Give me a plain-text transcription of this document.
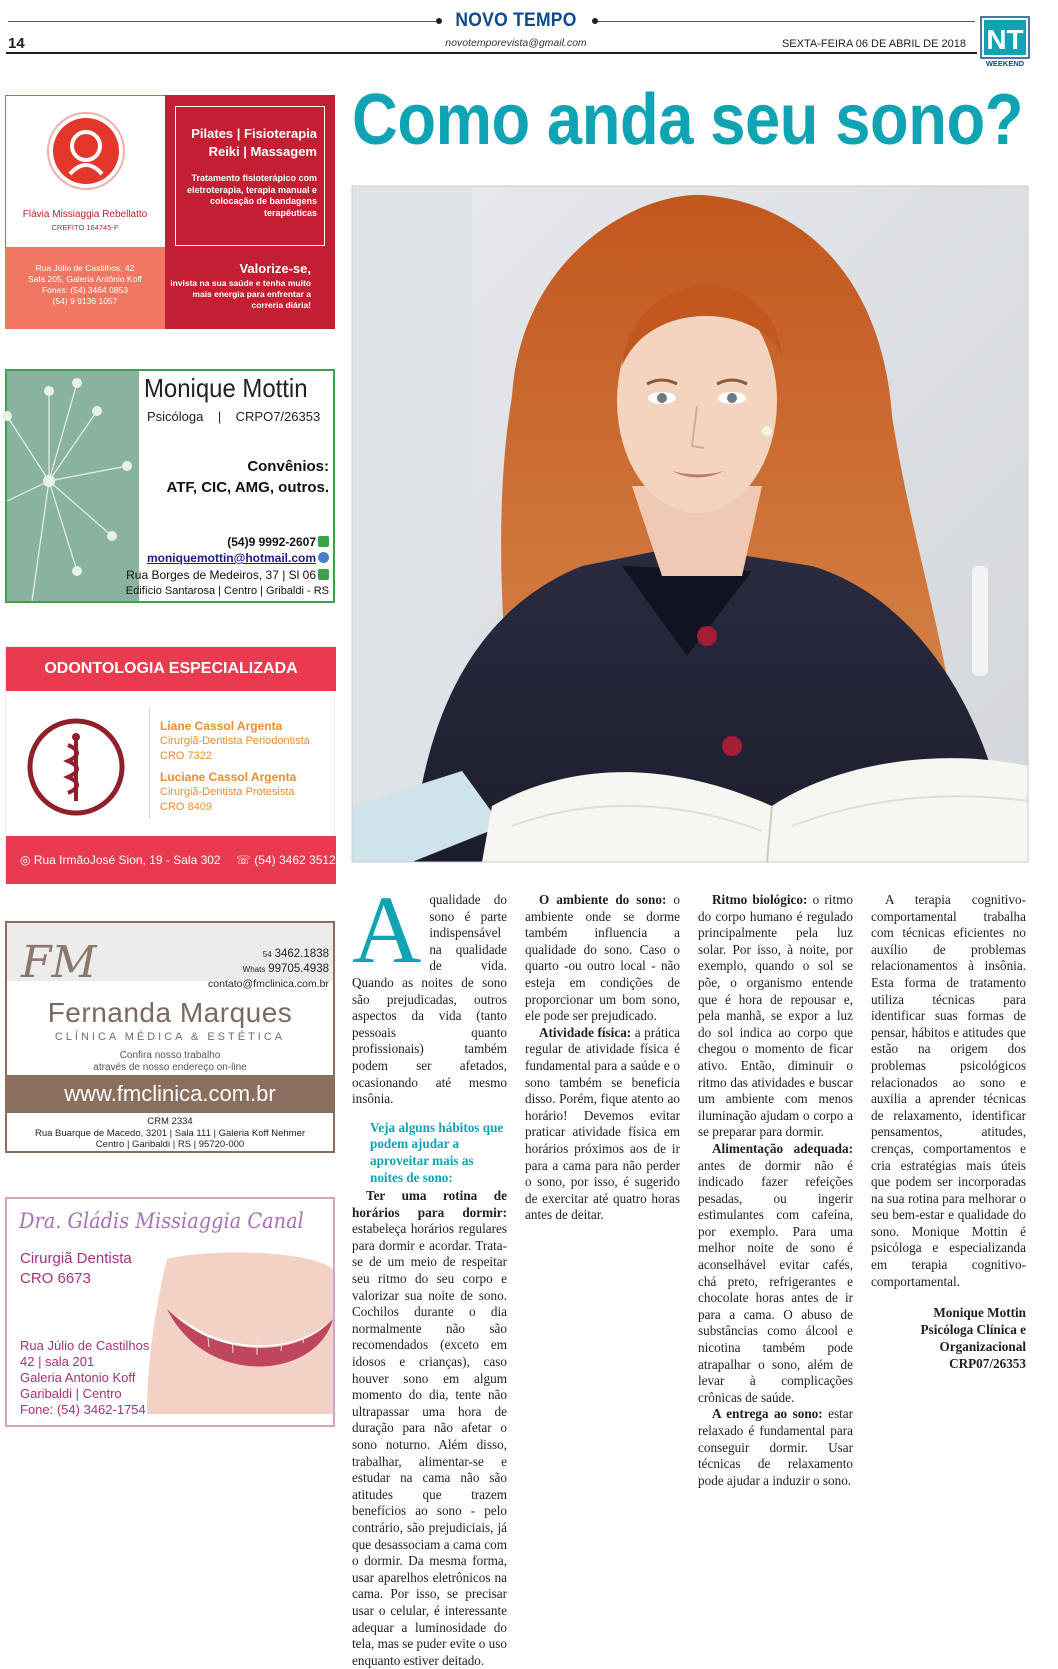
NOVO TEMPO
novotemporevista@gmail.com
14	SEXTA-FEIRA 06 DE ABRIL DE 2018 NT
WEEKEND
Como anda seu sono?
Flávia Missiaggia Rebellatto
CREFITO 164745-F
Rua Júlio de Castilhos, 42
Sala 205, Galeria Antônio Koff
Fones: (54) 3464 0853
(54) 9 9136 1057
Pilates | Fisioterapia
Reiki | Massagem
Tratamento fisioterápico com eletroterapia, terapia manual e colocação de bandagens terapêuticas
Valorize-se,
invista na sua saúde e tenha muito mais energia para enfrentar a correria diária!
Monique Mottin
Psicóloga    |    CRPO7/26353
Convênios:
ATF, CIC, AMG, outros.
(54)9 9992-2607
moniquemottin@hotmail.com
Rua Borges de Medeiros, 37 | Sl 06
Edifício Santarosa | Centro | Gribaldi - RS
ODONTOLOGIA ESPECIALIZADA
Liane Cassol Argenta
Cirurgiã-Dentista Periodontista
CRO 7322
Luciane Cassol Argenta
Cirurgiã-Dentista Protesista
CRO 8409
◎ Rua IrmãoJosé Sion, 19 - Sala 302 ☏ (54) 3462 3512
FM	54 3462.1838
Whats 99705.4938
contato@fmclinica.com.br
Fernanda Marques
CLÍNICA MÉDICA & ESTÉTICA
Confira nosso trabalho
através de nosso endereço on-line
www.fmclinica.com.br
CRM 2334
Rua Buarque de Macedo, 3201 | Sala 111 | Galeria Koff Nehmer
Centro | Garibaldi | RS | 95720-000
Dra. Gládis Missiaggia Canal
Cirurgiã Dentista
CRO 6673
Rua Júlio de Castilhos
42 | sala 201
Galeria Antonio Koff
Garibaldi | Centro
Fone: (54) 3462-1754

Aqualidade do sono é parte indispensável na qualidade de vida. Quando as noites de sono são prejudicadas, outros aspectos da vida (tanto pessoais quanto profissionais) também podem ser afetados, ocasionando até mesmo insônia.

Veja alguns hábitos que podem ajudar a aproveitar mais as noites de sono:

Ter uma rotina de horários para dormir: estabeleça horários regulares para dormir e acordar. Trata-se de um meio de respeitar seu ritmo do seu corpo e valorizar sua noite de sono. Cochilos durante o dia normalmente não são recomendados (exceto em idosos e crianças), caso houver sono em algum momento do dia, tente não ultrapassar uma hora de duração para não afetar o sono noturno. Além disso, trabalhar, alimentar-se e estudar na cama não são atitudes que trazem benefícios ao sono - pelo contrário, são prejudiciais, já que desassociam a cama com o dormir. Da mesma forma, usar aparelhos eletrônicos na cama. Por isso, se precisar usar o celular, é interessante adequar a luminosidade do tela, mas se puder evite o uso enquanto estiver deitado.

O ambiente do sono: o ambiente onde se dorme também influencia a qualidade do sono. Caso o quarto -ou outro local - não esteja em condições de proporcionar um bom sono, ele pode ser prejudicado.

Atividade física: a prática regular de atividade física é fundamental para a saúde e o sono também se beneficia disso. Porém, fique atento ao horário! Devemos evitar praticar atividade física em horários próximos aos de ir para a cama para não perder o sono, por isso, é sugerido de exercitar até quatro horas antes de deitar.

Ritmo biológico: o ritmo do corpo humano é regulado principalmente pela luz solar. Por isso, à noite, por exemplo, quando o sol se põe, o organismo entende que é hora de repousar e, pela manhã, se expor a luz do sol indica ao corpo que chegou o momento de ficar ativo. Então, diminuir o ritmo das atividades e buscar um ambiente com menos iluminação ajudam o corpo a se preparar para dormir.

Alimentação adequada: antes de dormir não é indicado fazer refeições pesadas, ou ingerir estimulantes com cafeína, por exemplo. Para uma melhor noite de sono é aconselhável evitar cafés, chá preto, refrigerantes e chocolate horas antes de ir para a cama. O abuso de substâncias como álcool e nicotina também pode atrapalhar o sono, além de levar à complicações crônicas de saúde.

A entrega ao sono: estar relaxado é fundamental para conseguir dormir. Usar técnicas de relaxamento pode ajudar a induzir o sono.

A terapia cognitivo-comportamental trabalha com técnicas eficientes no auxílio de problemas relacionamentos à insônia. Esta forma de tratamento utiliza técnicas para identificar suas formas de pensar, hábitos e atitudes que estão na origem dos problemas psicológicos relacionados ao sono e auxilia a aprender técnicas de relaxamento, identificar pensamentos, atitudes, crenças, comportamentos e cria estratégias mais úteis que podem ser incorporadas na sua rotina para melhorar o seu bem-estar e qualidade do sono. Monique Mottin é psicóloga e especializanda em terapia cognitivo-comportamental.

Monique Mottin
Psicóloga Clínica e
Organizacional
CRP07/26353
